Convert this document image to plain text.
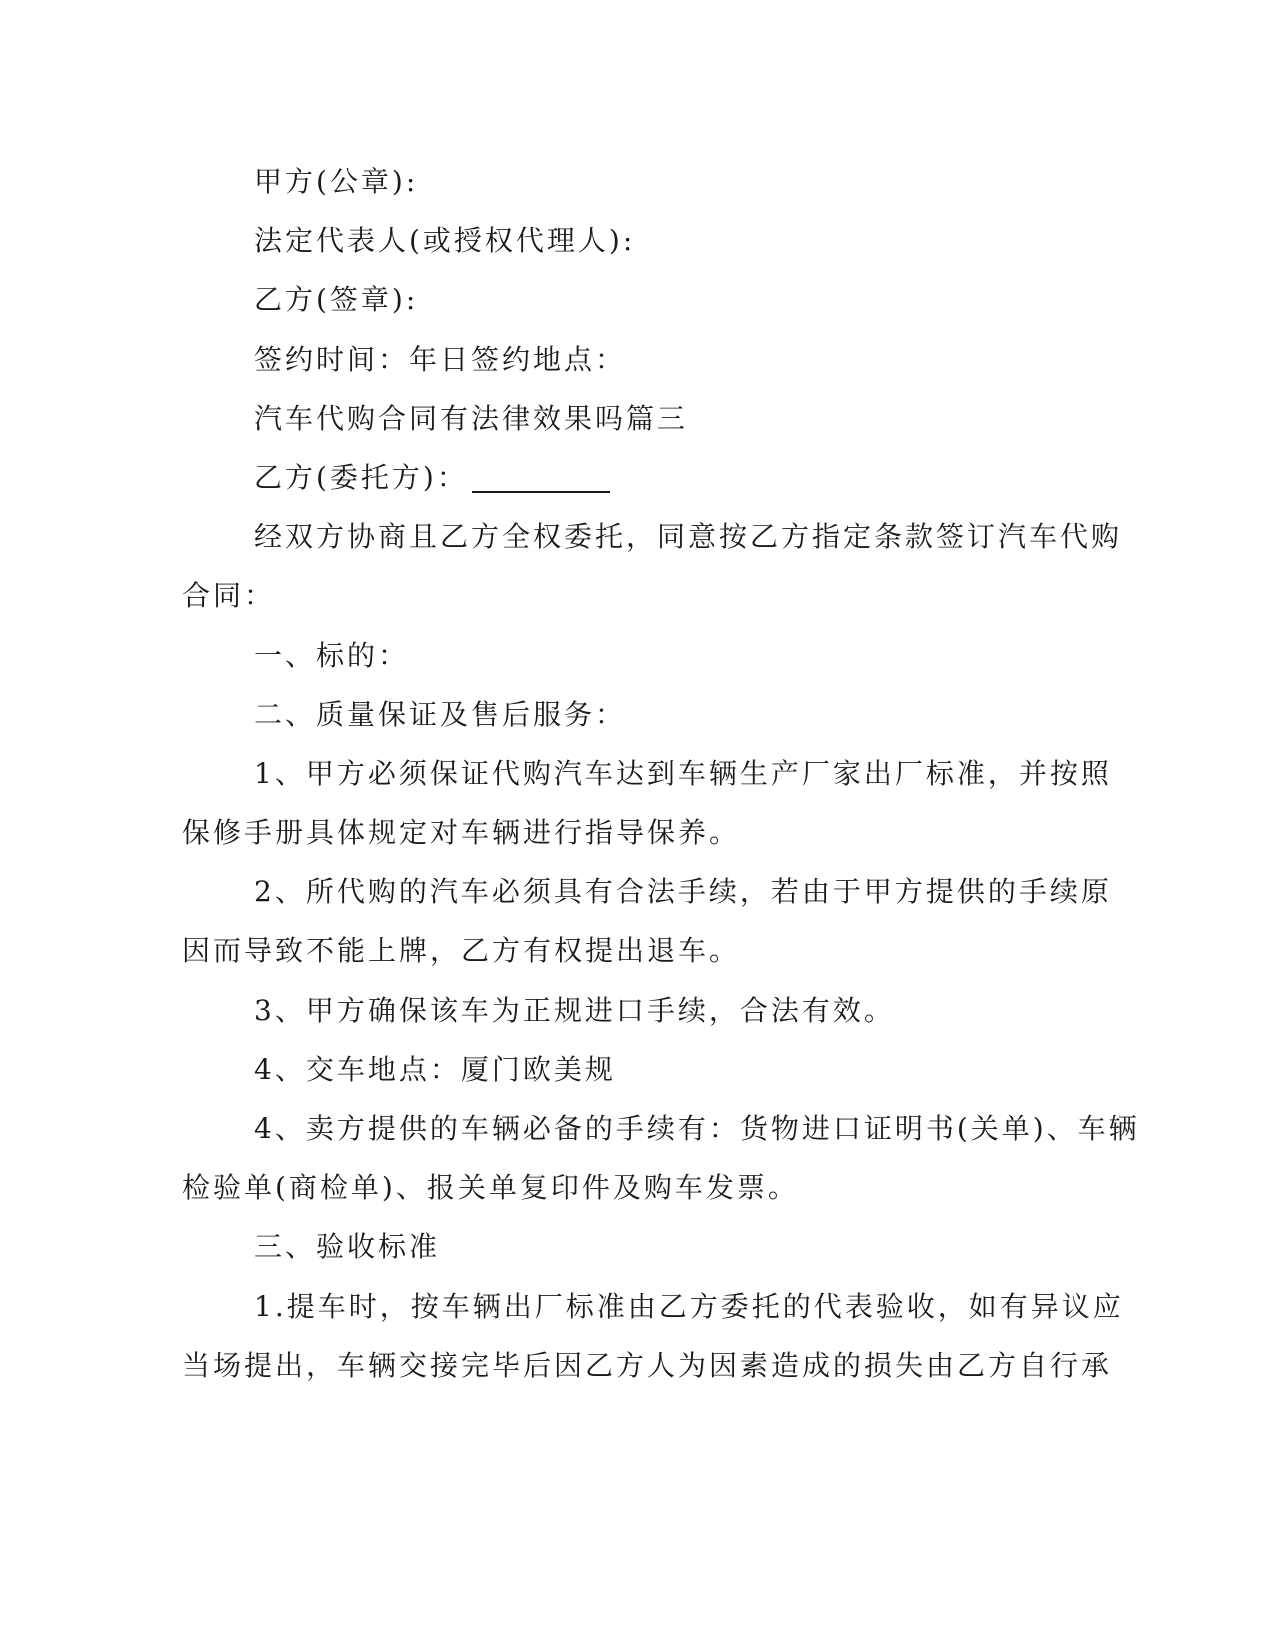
甲方(公章):
法定代表人(或授权代理人):
乙方(签章):
签约时间：年日签约地点：
汽车代购合同有法律效果吗篇三
乙方(委托方)：
经双方协商且乙方全权委托，同意按乙方指定条款签订汽车代购
合同：
一、标的：
二、质量保证及售后服务：
1、甲方必须保证代购汽车达到车辆生产厂家出厂标准，并按照
保修手册具体规定对车辆进行指导保养。
2、所代购的汽车必须具有合法手续，若由于甲方提供的手续原
因而导致不能上牌，乙方有权提出退车。
3、甲方确保该车为正规进口手续，合法有效。
4、交车地点：厦门欧美规
4、卖方提供的车辆必备的手续有：货物进口证明书(关单)、车辆
检验单(商检单)、报关单复印件及购车发票。
三、验收标准
1.提车时，按车辆出厂标准由乙方委托的代表验收，如有异议应
当场提出，车辆交接完毕后因乙方人为因素造成的损失由乙方自行承
